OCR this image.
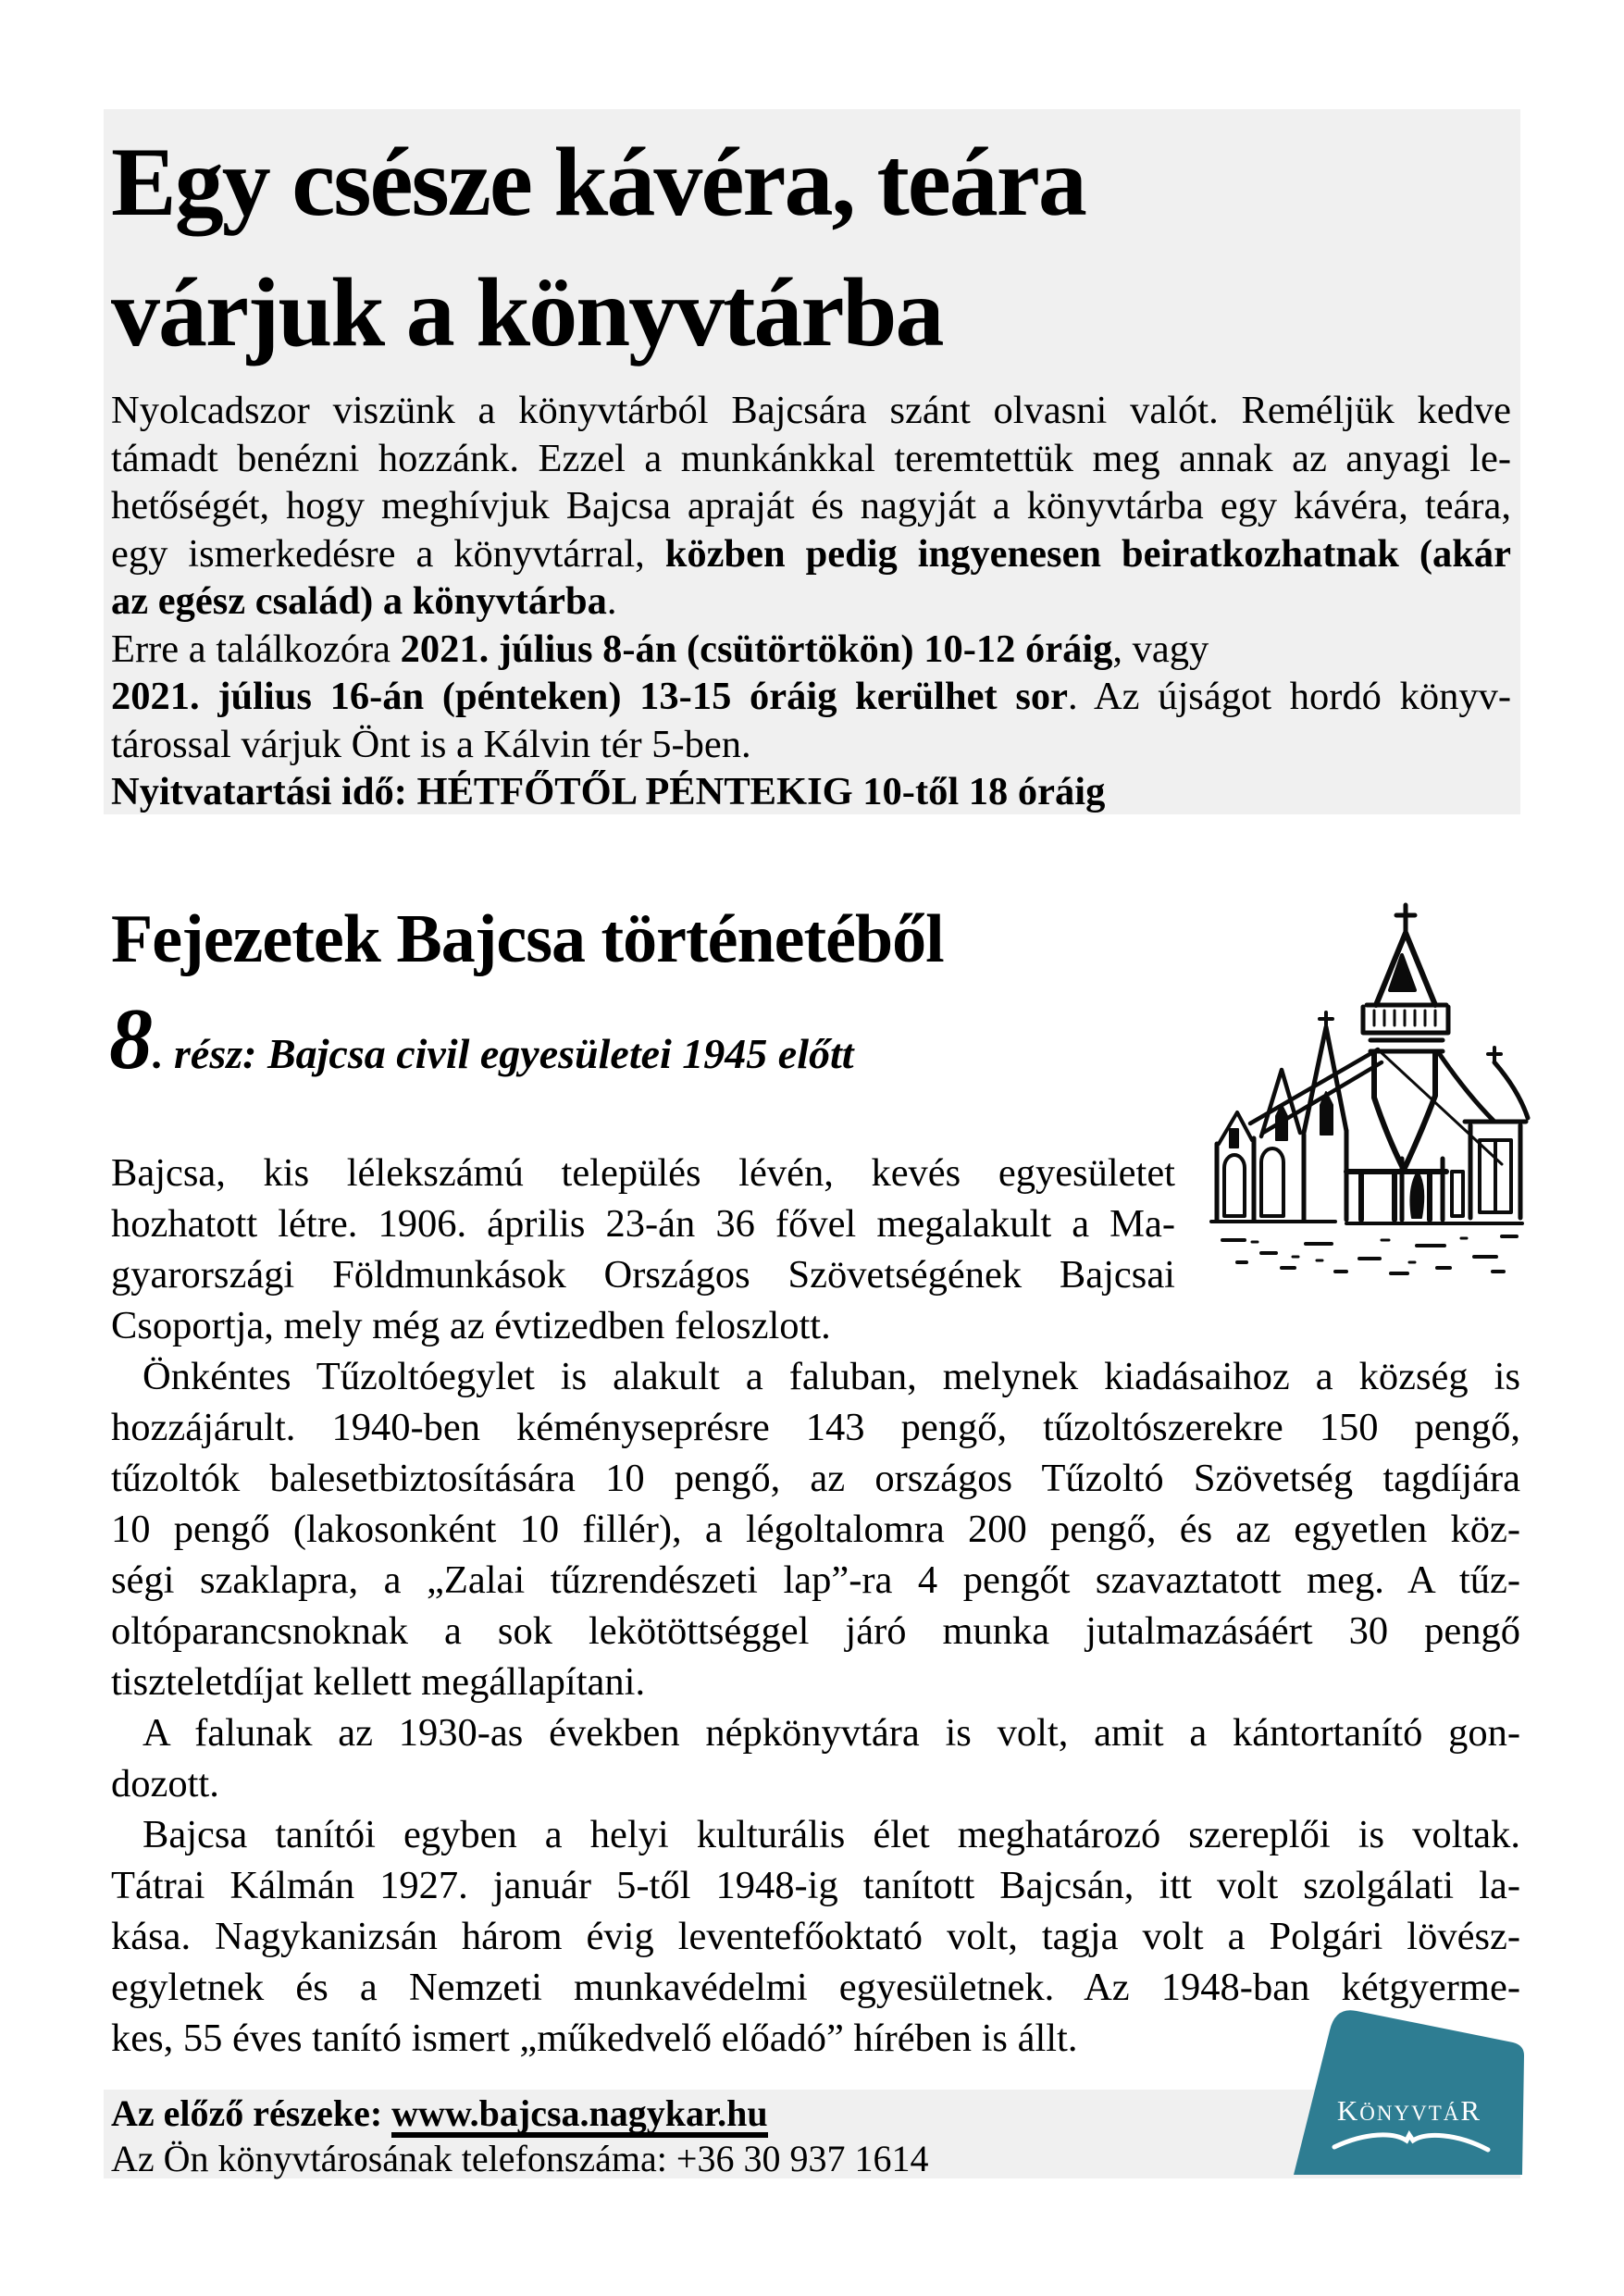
Egy csésze kávéra, teára
várjuk a könyvtárba
Nyolcadszor viszünk a könyvtárból Bajcsára szánt olvasni valót. Reméljük kedve
támadt benézni hozzánk. Ezzel a munkánkkal teremtettük meg annak az anyagi le-
hetőségét, hogy meghívjuk Bajcsa apraját és nagyját a könyvtárba egy kávéra, teára,
egy ismerkedésre a könyvtárral, közben pedig ingyenesen beiratkozhatnak (akár
az egész család) a könyvtárba.
Erre a találkozóra 2021. július 8-án (csütörtökön) 10-12 óráig, vagy
2021. július 16-án (pénteken) 13-15 óráig kerülhet sor. Az újságot hordó könyv-
tárossal várjuk Önt is a Kálvin tér 5-ben.
Nyitvatartási idő: HÉTFŐTŐL PÉNTEKIG 10-től 18 óráig
Fejezetek Bajcsa történetéből
8. rész: Bajcsa civil egyesületei 1945 előtt
Bajcsa, kis lélekszámú település lévén, kevés egyesületet
hozhatott létre. 1906. április 23-án 36 fővel megalakult a Ma-
gyarországi Földmunkások Országos Szövetségének Bajcsai
Csoportja, mely még az évtizedben feloszlott.
Önkéntes Tűzoltóegylet is alakult a faluban, melynek kiadásaihoz a község is
hozzájárult. 1940-ben kéményseprésre 143 pengő, tűzoltószerekre 150 pengő,
tűzoltók balesetbiztosítására 10 pengő, az országos Tűzoltó Szövetség tagdíjára
10 pengő (lakosonként 10 fillér), a légoltalomra 200 pengő, és az egyetlen köz-
ségi szaklapra, a „Zalai tűzrendészeti lap”-ra 4 pengőt szavaztatott meg. A tűz-
oltóparancsnoknak a sok lekötöttséggel járó munka jutalmazásáért 30 pengő
tiszteletdíjat kellett megállapítani.
A falunak az 1930-as években népkönyvtára is volt, amit a kántortanító gon-
dozott.
Bajcsa tanítói egyben a helyi kulturális élet meghatározó szereplői is voltak.
Tátrai Kálmán 1927. január 5-től 1948-ig tanított Bajcsán, itt volt szolgálati la-
kása. Nagykanizsán három évig leventefőoktató volt, tagja volt a Polgári lövész-
egyletnek és a Nemzeti munkavédelmi egyesületnek. Az 1948-ban kétgyerme-
kes, 55 éves tanító ismert „műkedvelő előadó” hírében is állt.
Az előző részeke: www.bajcsa.nagykar.hu
Az Ön könyvtárosának telefonszáma: +36 30 937 1614
KÖNYVTÁR
